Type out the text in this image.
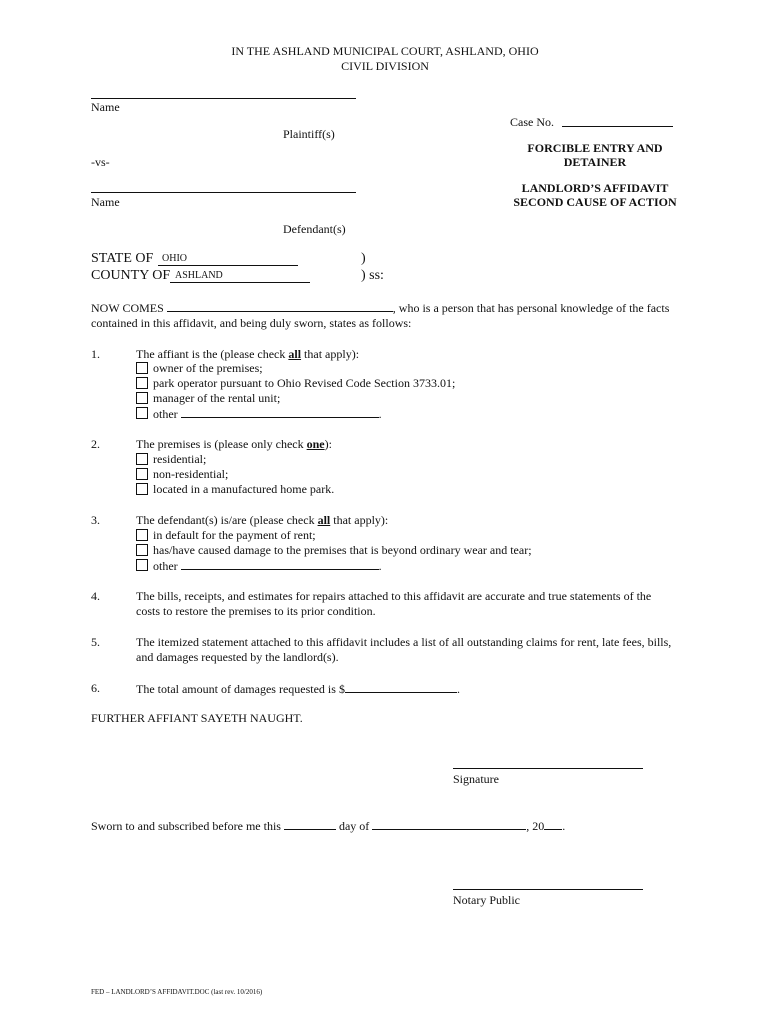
IN THE ASHLAND MUNICIPAL COURT, ASHLAND, OHIO
CIVIL DIVISION
Name
Plaintiff(s)
-vs-
Name
Defendant(s)
Case No.
FORCIBLE ENTRY AND
DETAINER
LANDLORD’S AFFIDAVIT
SECOND CAUSE OF ACTION
STATE OF OHIO	)
COUNTY OF ASHLAND	) ss:
NOW COMES	, who is a person that has personal knowledge of the facts
contained in this affidavit, and being duly sworn, states as follows:
1.	The affiant is the (please check all that apply):
owner of the premises;
park operator pursuant to Ohio Revised Code Section 3733.01;
manager of the rental unit;
other	.
2.	The premises is (please only check one):
residential;
non-residential;
located in a manufactured home park.
3.	The defendant(s) is/are (please check all that apply):
in default for the payment of rent;
has/have caused damage to the premises that is beyond ordinary wear and tear;
other	.
4.	The bills, receipts, and estimates for repairs attached to this affidavit are accurate and true statements of the
costs to restore the premises to its prior condition.
5.	The itemized statement attached to this affidavit includes a list of all outstanding claims for rent, late fees, bills,
and damages requested by the landlord(s).
6.	The total amount of damages requested is $	.
FURTHER AFFIANT SAYETH NAUGHT.
Signature
Sworn to and subscribed before me this	day of	, 20 .
Notary Public
FED – LANDLORD’S AFFIDAVIT.DOC (last rev. 10/2016)
